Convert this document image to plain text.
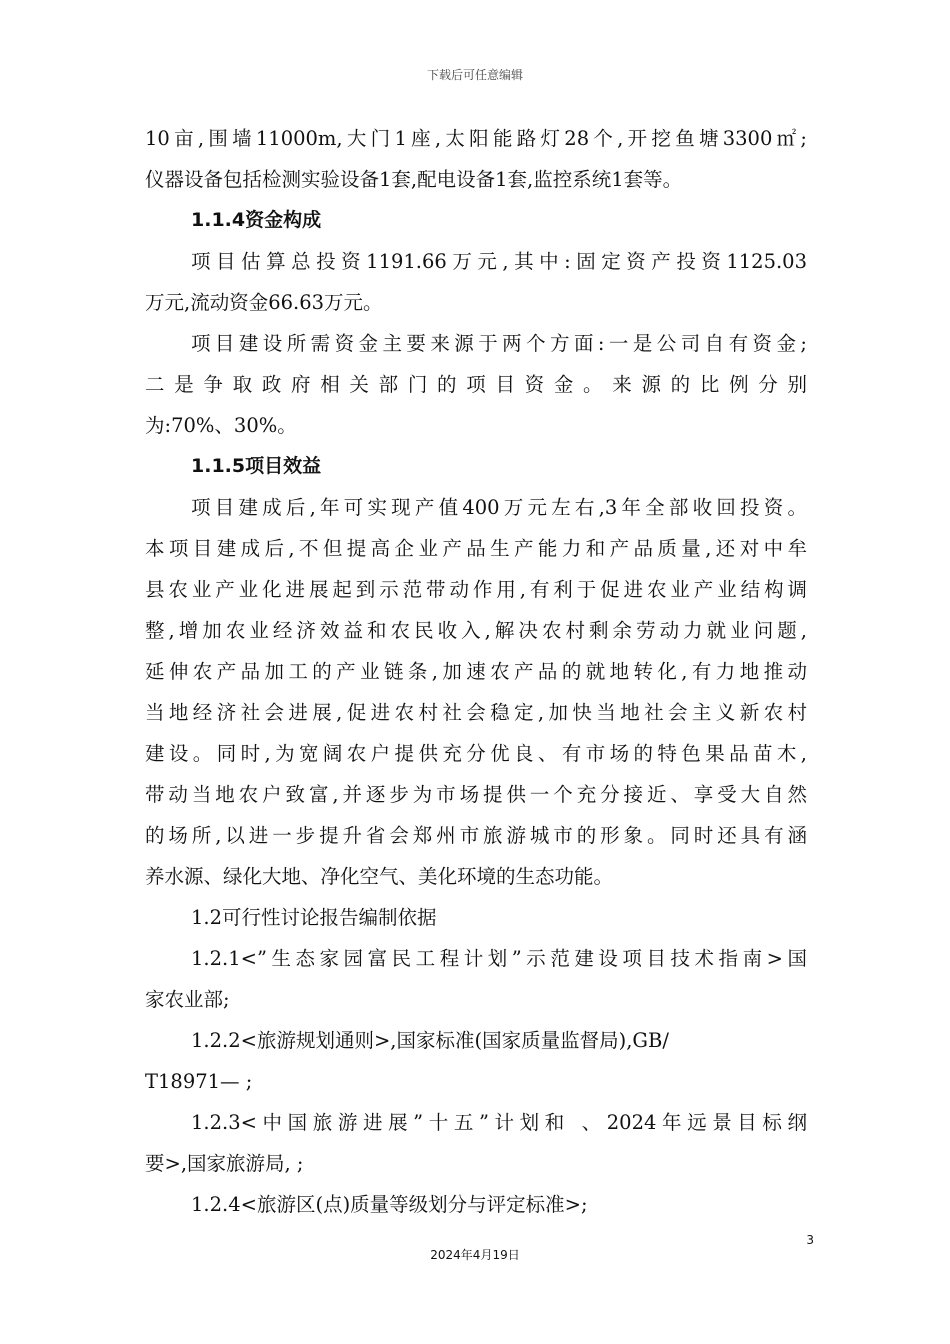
下载后可任意编辑
10亩,围墙11000m,大门1座,太阳能路灯28个,开挖鱼塘3300㎡;
仪器设备包括检测实验设备1套,配电设备1套,监控系统1套等。
1.1.4资金构成
项目估算总投资1191.66万元,其中:固定资产投资1125.03
万元,流动资金66.63万元。
项目建设所需资金主要来源于两个方面:一是公司自有资金;
二是争取政府相关部门的项目资金。来源的比例分别
为:70%、30%。
1.1.5项目效益
项目建成后,年可实现产值400万元左右,3年全部收回投资。
本项目建成后,不但提高企业产品生产能力和产品质量,还对中牟
县农业产业化进展起到示范带动作用,有利于促进农业产业结构调
整,增加农业经济效益和农民收入,解决农村剩余劳动力就业问题,
延伸农产品加工的产业链条,加速农产品的就地转化,有力地推动
当地经济社会进展,促进农村社会稳定,加快当地社会主义新农村
建设。同时,为宽阔农户提供充分优良、有市场的特色果品苗木,
带动当地农户致富,并逐步为市场提供一个充分接近、享受大自然
的场所,以进一步提升省会郑州市旅游城市的形象。同时还具有涵
养水源、绿化大地、净化空气、美化环境的生态功能。
1.2可行性讨论报告编制依据
1.2.1<”生态家园富民工程计划”示范建设项目技术指南>国
家农业部;
1.2.2<旅游规划通则>,国家标准(国家质量监督局),GB/
T18971— ;
1.2.3<中国旅游进展”十五”计划和 、2024年远景目标纲
要>,国家旅游局, ;
1.2.4<旅游区(点)质量等级划分与评定标准>;
3
2024年4月19日
